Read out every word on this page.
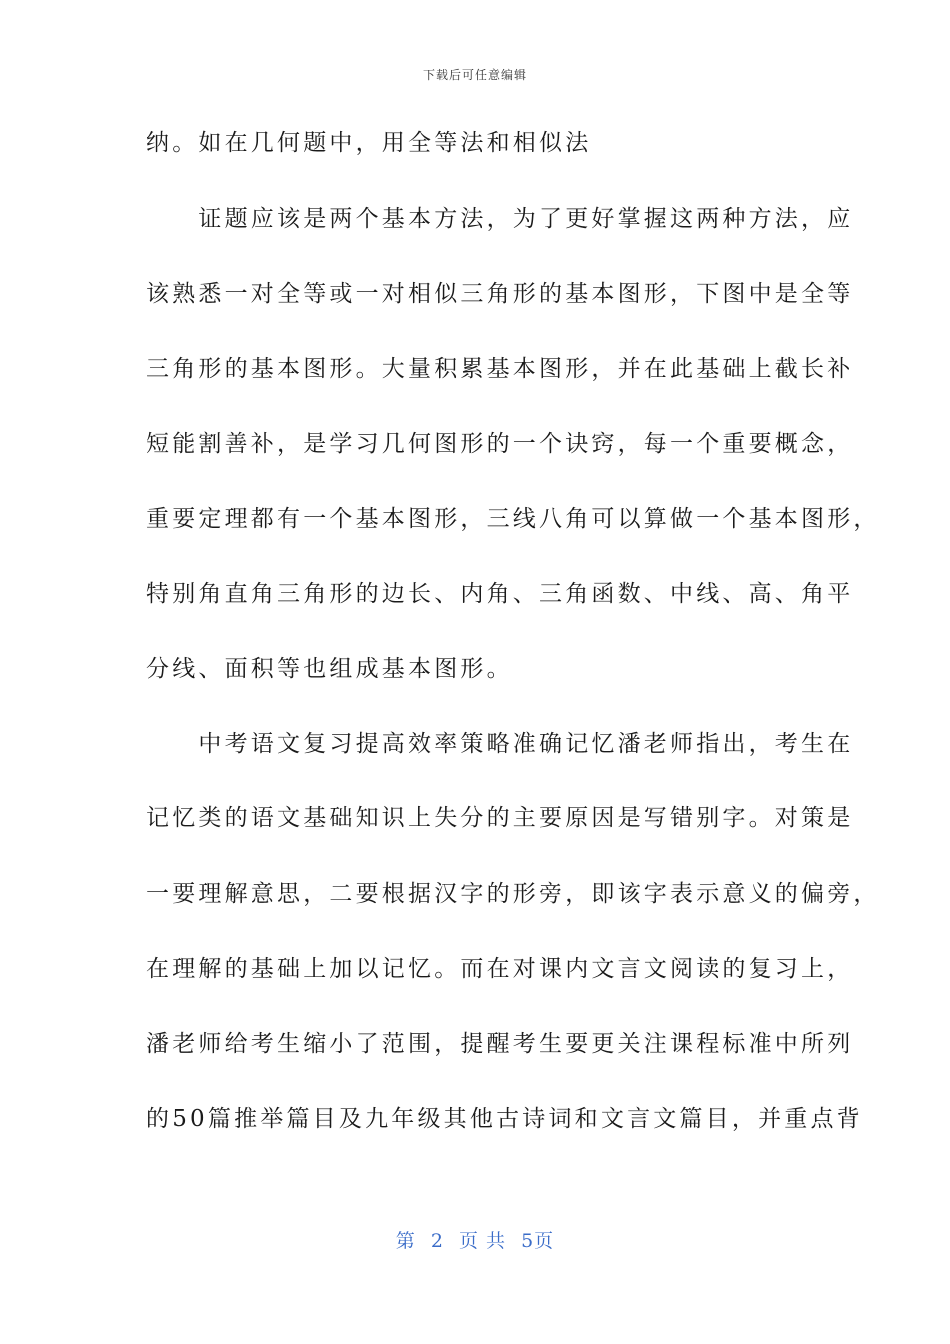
下载后可任意编辑
纳。如在几何题中，用全等法和相似法
　　证题应该是两个基本方法，为了更好掌握这两种方法，应
该熟悉一对全等或一对相似三角形的基本图形，下图中是全等
三角形的基本图形。大量积累基本图形，并在此基础上截长补
短能割善补，是学习几何图形的一个诀窍，每一个重要概念，
重要定理都有一个基本图形，三线八角可以算做一个基本图形，
特别角直角三角形的边长、内角、三角函数、中线、高、角平
分线、面积等也组成基本图形。
　　中考语文复习提高效率策略准确记忆潘老师指出，考生在
记忆类的语文基础知识上失分的主要原因是写错别字。对策是
一要理解意思，二要根据汉字的形旁，即该字表示意义的偏旁，
在理解的基础上加以记忆。而在对课内文言文阅读的复习上，
潘老师给考生缩小了范围，提醒考生要更关注课程标准中所列
的50篇推举篇目及九年级其他古诗词和文言文篇目，并重点背
第 2 页 共 5页
